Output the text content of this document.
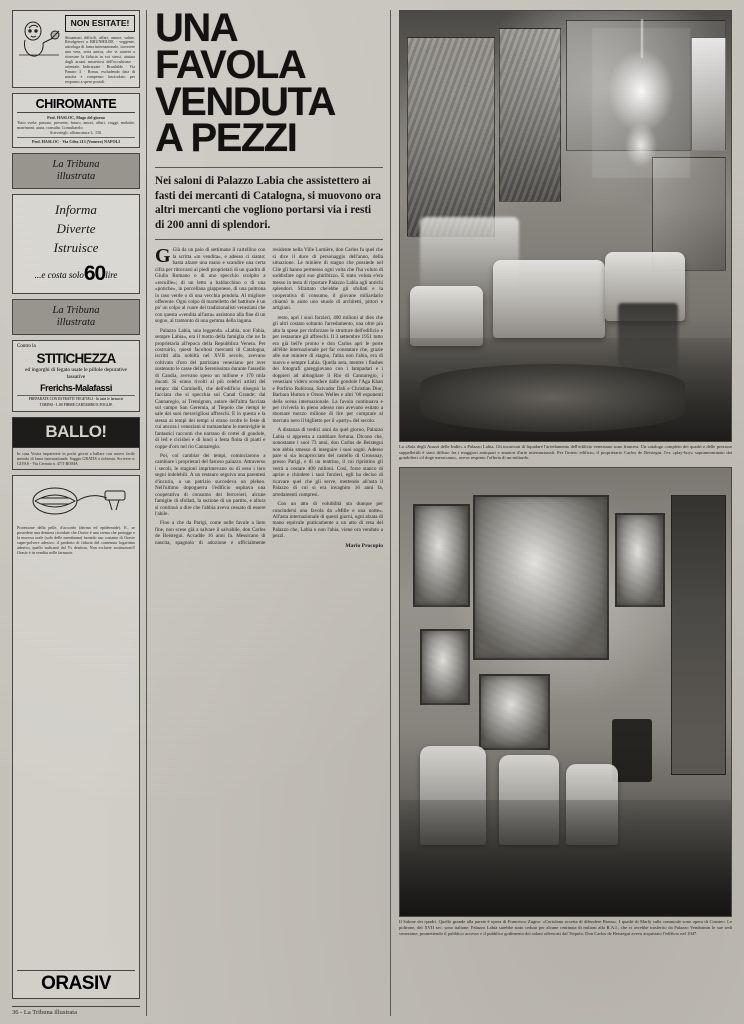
NON ESITATE!
Situazioni difficili, affari, amore, salute. Rivolgetevi a BRUNHILDE · veggente, astrologa di fama internazionale, troverete una vera, seria amica, che vi aiuterà a ritrovare la fiducia in voi stessi, aiutata dagli arcani misteriosi dell'occultismo · orientale. Indirizzate · Brunhilde · Via Panaro 3 · Roma, escludendo data di nascita e compenso fascicolato per responso a spese postali.
CHIROMANTE
Prof. HASLOC, Mago del giorno
Tutto svela: passato, presente, futuro, amori, affari, viaggi, malattie, matrimoni, aiuta, consulta. Consultatelo.
Scrivetegli: affrancatura L. 150.
Prof. HASLOC · Via Cilea 213 (Vomero) NAPOLI
La Tribuna
illustrata
Informa
Diverte
Istruisce
...e costa solo60lire
La Tribuna
illustrata
Contro la
STITICHEZZA
ed ingorghi di fegato usate le pillole depurative lassative
Frerichs-Malafassi
PREPARATE CON ESTRATTI VEGETALI - In tutte le farmacie
TORINO - L.80 FIRME CARTAMBO E FOGLIE
BALLO!
In casa Vostra imparerete in pochi giorni a ballare con nuovo facile metodo di fama internazionale. Saggio GRATIS a richiesta. Scrivere a: GIVAS - Via Cernaia n. 47/T ROMA
Protezione della pelle, d'accordo (derma ed epidermide). E., se possedete una dentiera ricordate che Orasiv è una crema che protegge e la mucosa orale (solo delle membrana) facendo uso costante di Orasiv super-polvere adesivo: il prodotto di fiducia del contenuto logaritmo adesivo, quello indicanti dal Vs dentista, Non escluete sostituzionil! Orasiv è in vendita nelle farmacie.
ORASIV
36 - La Tribuna illustrata
UNA FAVOLA
VENDUTA
A PEZZI
Nei saloni di Palazzo Labia che assistettero ai fasti dei mercanti di Catalogna, si muovono ora altri mercanti che vogliono portarsi via i resti di 200 anni di splendori.

G Già da un paio di settimane il cartellino con la scritta «in vendita», e adesso ci siamo: basta alzare una mano e scandire una certa cifra per ritrovarsi ai piedi proprietari di un quadro di Giulio Romano o di uno specchio scolpito a «recuille»; di un letto a baldacchino o di una «potiche», in porcellana giapponese, di una poltrona in raso verde o di una vecchia pendola. Al migliore offerente. Ogni colpo di martelletto del battitore è un po' un colpo al cuore dei tradizionalisti veneziani che con questa «vendita all'asta» assistono alla fine di un sogno, al tramonto di una gemma della laguna.

Palazzo Labia, una leggenda. «Labia, non Fabia, sempre Labia», era il motto della famiglia che ne fa proprietaria all'epoca della Repubblica Veneta. Per costruirlo, questi facoltosi mercanti di Catalogna, iscritti alla nobiltà nel XVII secolo, avevano coltivato d'oro del patriziato veneziano per aver sostenuto le casse della Serenissima durante l'assedio di Candia, avevano speso un milione e 170 mila ducati. Si erano rivolti ai più celebri artisti del tempo: dai Comínelli, che dell'edificio disegnò la facciata che si specchia sul Canal Grande; dal Cannaregio, ai Tremignon, autore dell'altra facciata sul campo San Geremia, al Tiepolo che riempì le sale dei suoi meravigliosi affreschi. E in questa e la stessa ai tempi dei tempi si erano svolte le feste di cui ancora i veneziani si tramandano le meraviglie in fantastici racconti che narrano di cortei di gondole, di led e cicisbei e di lunci a festa finita di piatti e coppe d'oro nel rio Cannaregio.

Poi, col cambiar dei tempi, cominciarono a cambiare i proprietari del fastoso palazzo. Attraverso i secoli, le stagioni imprimevano su di esso i loro segni indelebili. A un restauro seguiva una parentesi d'incuria, a un patrizio succedeva un plebeo. Nell'ultimo dopoguerra l'edificio ospitava una cooperativa di consumo dei ferrovieri, alcune famiglie di sfollati, la sezione di un partito, e allora si continuò a dire che l'abbia aveva cessato di essere l'abile.

Fino a che da Parigi, come nelle favole a lieto fine, non scese già a salvare il salvabile, don Carlos de Beistegui. Accadde 16 anni fa. Messicano di nascita, spagnolo di adozione e ufficialmente residente nella Ville Lumière, don Carlos fu quel che si dice il duce di personaggio dell'anno, della situazione. Le minière di stagno che possiede nel Cile gli hanno permesso ogni volta che l'ha voluto di soddisfare ogni suo ghiribizzo. E stato voluta e'era messo in testa di riportare Palazzo Labia agli antichi splendori. Sfrattato che'ebbe gli sfollati e la cooperativa di consumo, il giovane miliardario chiamò in aiuto uno stuolo di architetti, pittori e artigiani.

resto, aprì i suoi forzieri, 400 milioni al dies che gli altri costato soltanto l'arredamento, una oltre più alta la spese per rinforzare le strutture dell'edificio e per restaurare gli affreschi. Il 3 settembre 1951 tutto era già bell'e pronto e don Carlos aprì le porte all'élite internazionale per far constatare che, grazie alle sue miniere di stagno, l'abia non l'abia, era di nuovo e sempre Labia. Quella sera, mentre i flashes dei fotografi gareggiavano con i lampadari e i doppieri ad abbagliare il Rio di Cannaregio, i veneziani videro scendere dalle gondole l'Aga Khan e Porfirio Rubirosa, Salvador Dalí e Christian Dior, Barbara Hutton e Orson Welles e altri '00 esponenti della scena internazionale. La favola continuava e per riviverla in pieno adesso non avevano esitato a sborsare mezzo milione di lire per comprare al mercato nero il biglietto per il «party» del secolo.

A distanza di tredici anni da quel giorno, Palazzo Labia si appresta a cambiare fortuna. Dicono che, nonostante i suoi 73 anni, don Carlos de Beistegui non abbia smesso di inseguire i suoi sogni. Adesso pare si sia incapricciato del castello di Grousnay, presso Parigi, e di un teatrino, il cui ripristino gli verrà a costare 400 milioni. Così, forse stanco di aprire e chiudere i suoi forzieri, egli ha deciso di ricavare quel che gli serve, mettendo all'asta il Palazzo di cui si era invaghito 16 anni fa, arredamenti compresi.

Con un atto di volubilità sta dunque per concludersi una favola da «Mille e una notte». All'asta internazionale di questi giorni, ogni alzata di mano equivale praticamente a un atto di resa del Palazzo che, Labia o non l'abia, viene ora venduto a pezzi.

Mario Procopio
La «Sala degli Arazzi delle Indie» a Palazzo Labia. Gli incaricati di liquidare l'arredamento dell'edificio veneziano sono francesi. Un catalogo completo dei quadri e delle preziose suppellettili è stato diffuso fra i maggiori antiquari e amatori d'arte internazionali. Per l'intero edificio, il proprietario Carlos de Beistegui, l'ex «play-boy» soprannominato dai gondolieri «il doge messicano», aveva respinto l'offerta di un miliardo.
Il Salone dei quadri. Quello grande alla parete è opera di Francesco Zugno: «Coriolano accetta di difendere Roma». I quadri di Marly sulla commode sono opera di Cousteo. Le poltrone, del XVII sec. sono italiane. Palazzo Labia sarebbe stato ceduto per alcune centinaia di milioni alla R.A.I., che vi avrebbe trasferito da Palazzo Vendramin le sue sedi veneziane, promettendo il pubblico accesso e il pubblico godimento dei saloni affrescati dal Tiepolo. Don Carlos de Beistegui aveva acquistato l'edificio nel 1947.
